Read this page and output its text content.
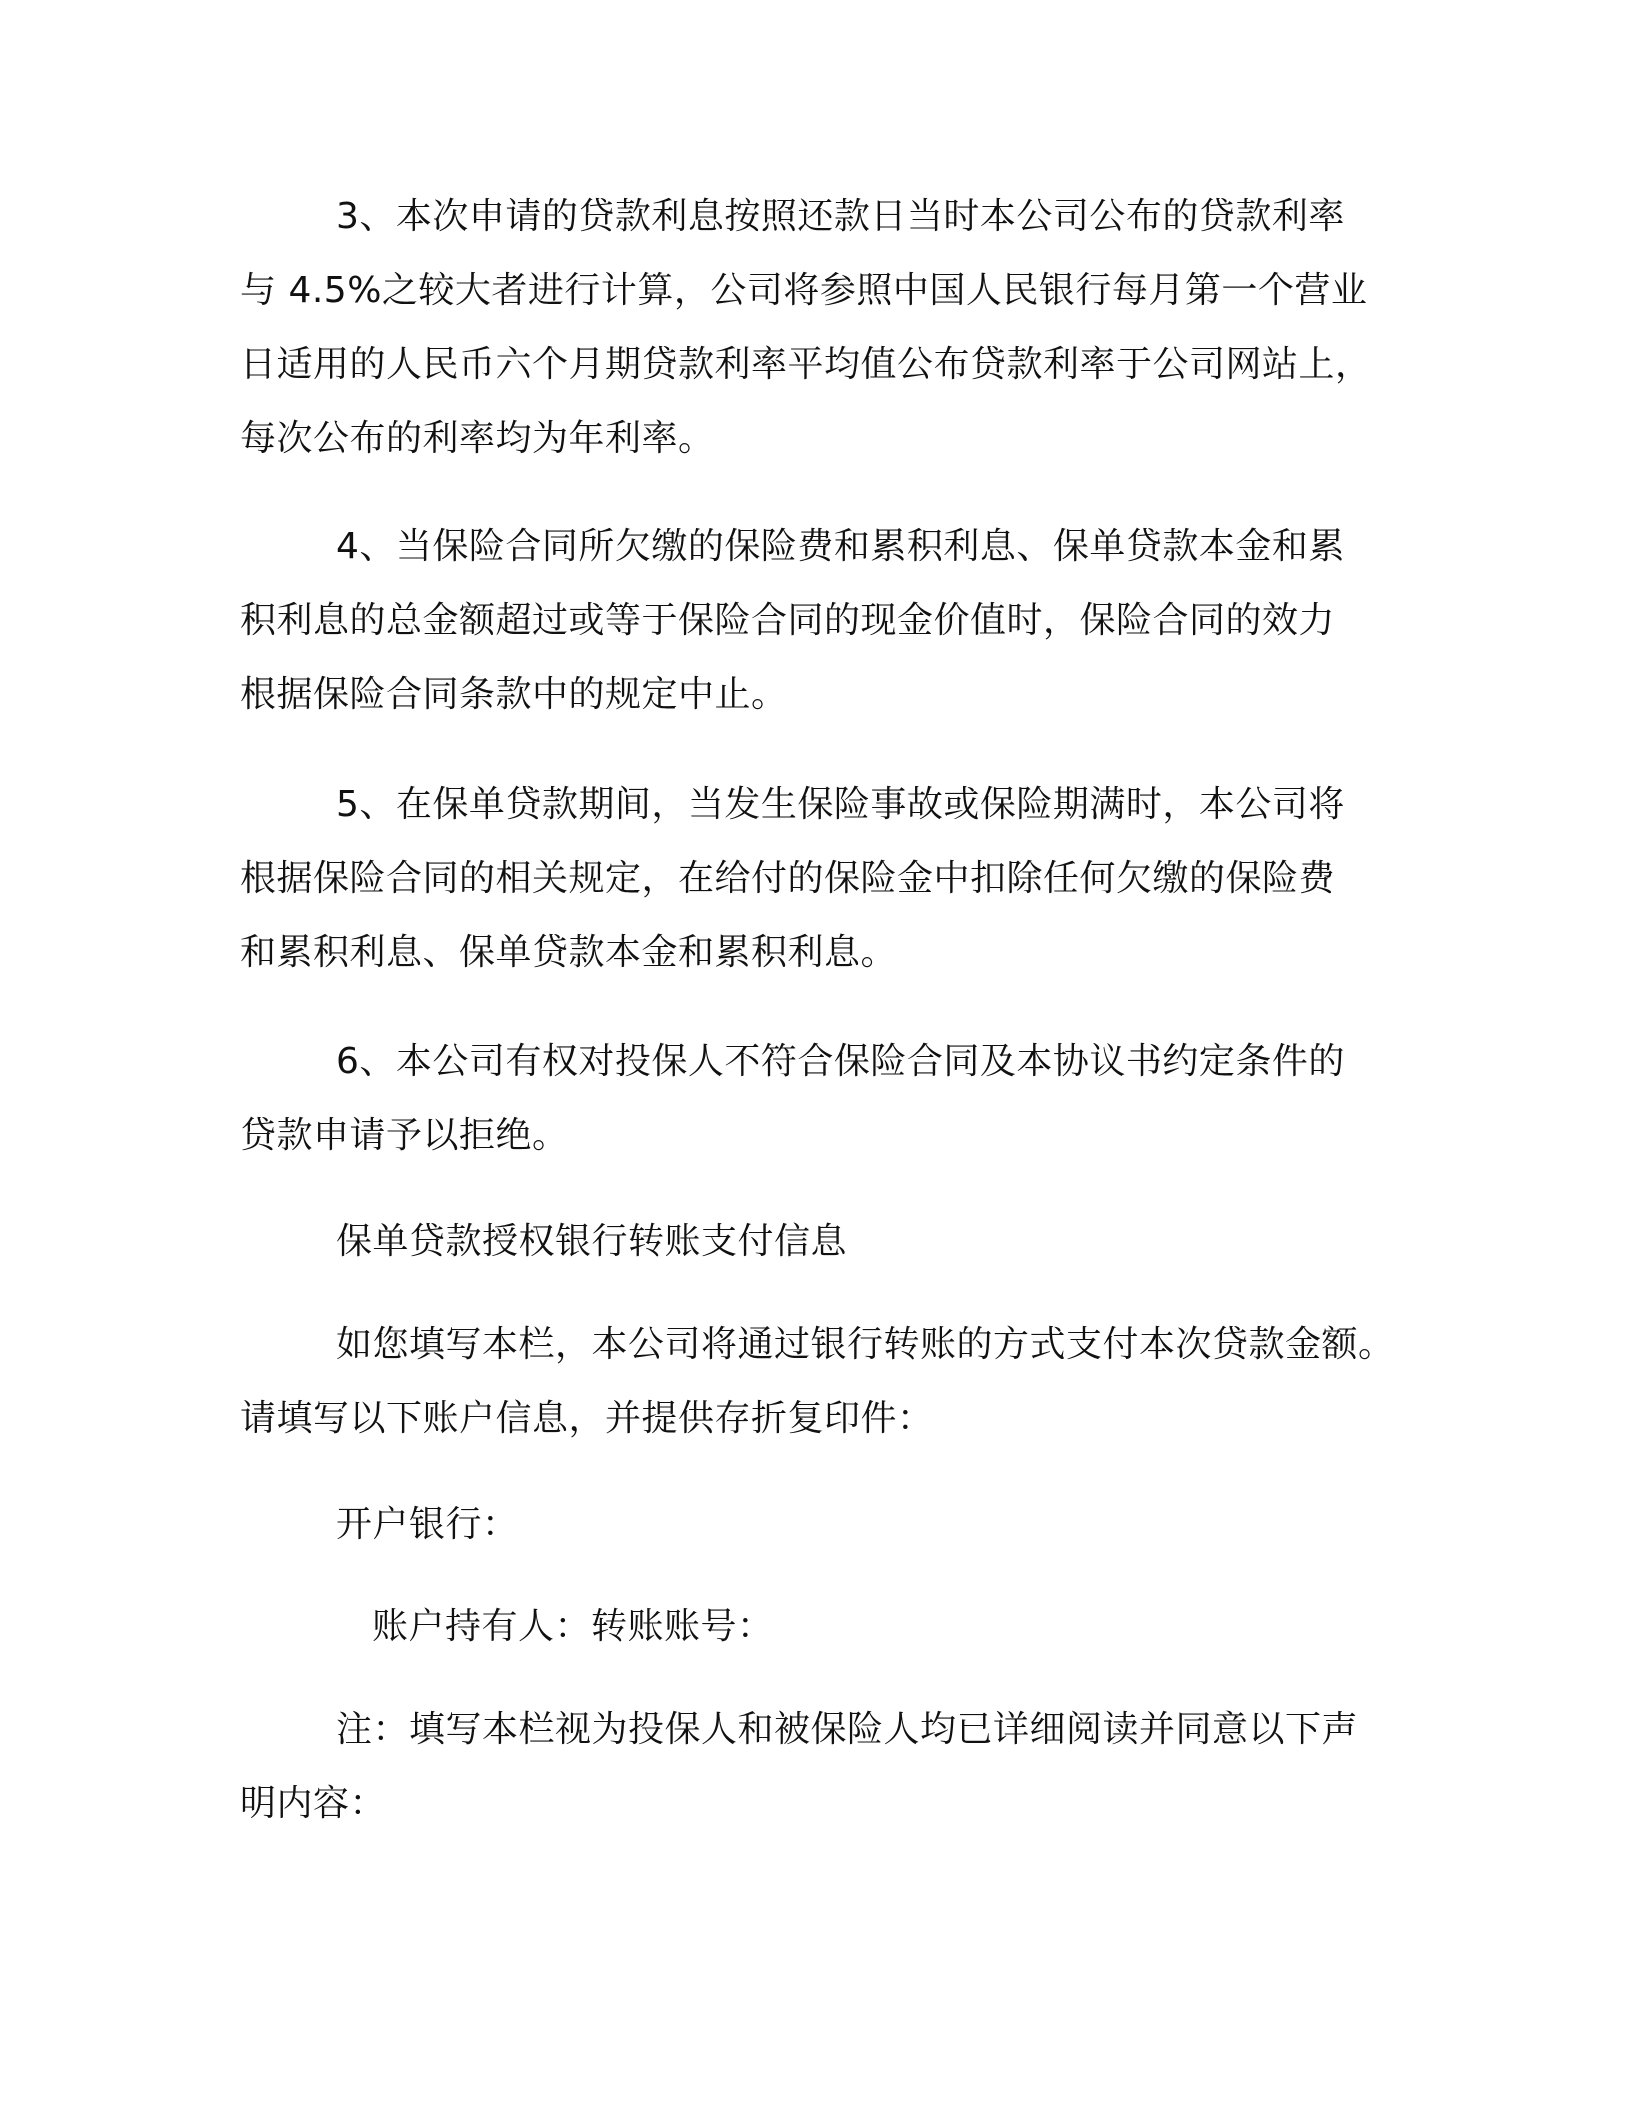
3、本次申请的贷款利息按照还款日当时本公司公布的贷款利率
与 4.5%之较大者进行计算，公司将参照中国人民银行每月第一个营业
日适用的人民币六个月期贷款利率平均值公布贷款利率于公司网站上，
每次公布的利率均为年利率。
4、当保险合同所欠缴的保险费和累积利息、保单贷款本金和累
积利息的总金额超过或等于保险合同的现金价值时，保险合同的效力
根据保险合同条款中的规定中止。
5、在保单贷款期间，当发生保险事故或保险期满时，本公司将
根据保险合同的相关规定，在给付的保险金中扣除任何欠缴的保险费
和累积利息、保单贷款本金和累积利息。
6、本公司有权对投保人不符合保险合同及本协议书约定条件的
贷款申请予以拒绝。
保单贷款授权银行转账支付信息
如您填写本栏，本公司将通过银行转账的方式支付本次贷款金额。
请填写以下账户信息，并提供存折复印件：
开户银行：
账户持有人：转账账号：
注：填写本栏视为投保人和被保险人均已详细阅读并同意以下声
明内容：
